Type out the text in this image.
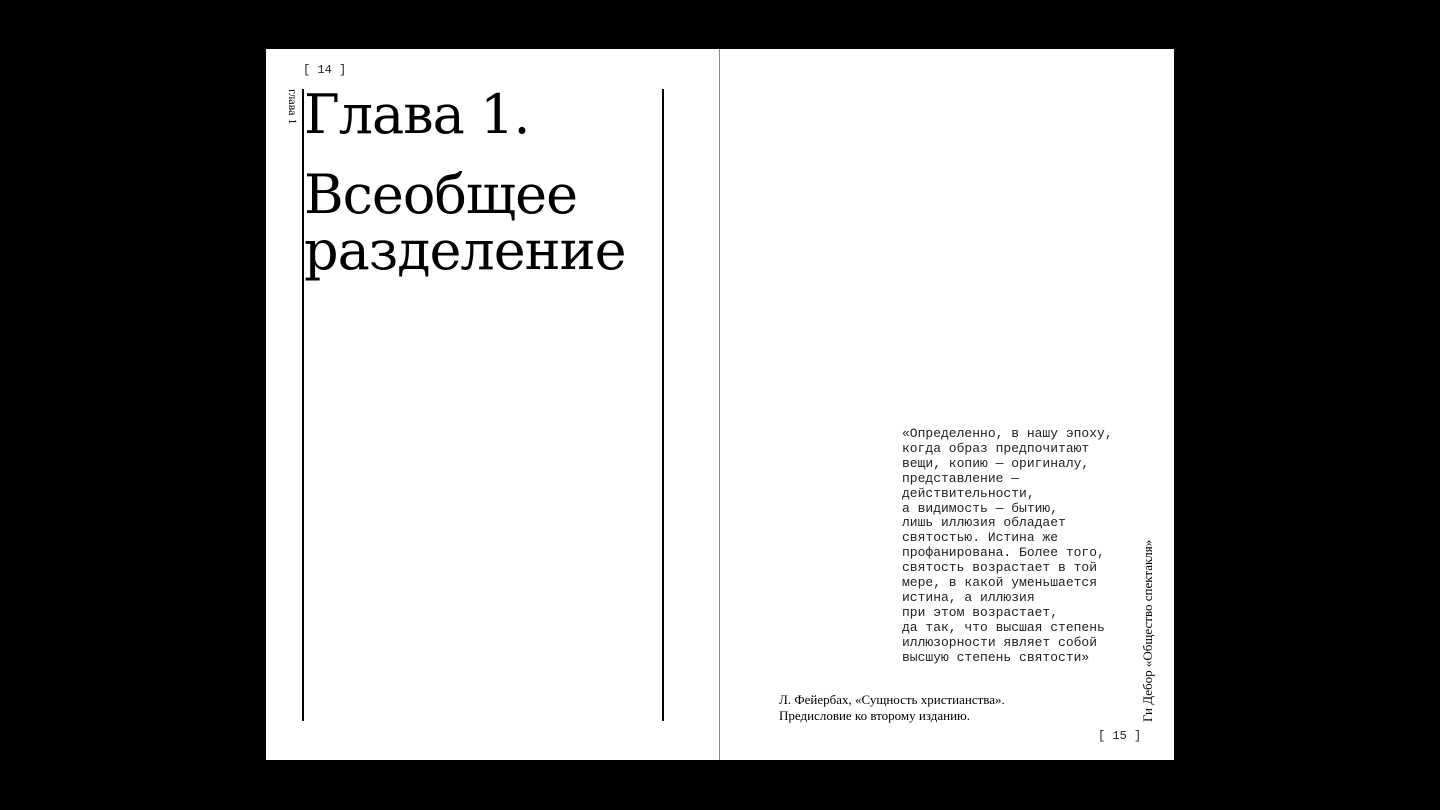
[ 14 ]
глава 1 Глава 1.
Всеобщее
разделение
«Определенно, в нашу эпоху,
когда образ предпочитают
вещи, копию — оригиналу,
представление —
действительности,
а видимость — бытию,
лишь иллюзия обладает
святостью. Истина же
профанирована. Более того,
святость возрастает в той
мере, в какой уменьшается
истина, а иллюзия
при этом возрастает,
да так, что высшая степень
иллюзорности являет собой
высшую степень святости»
Л. Фейербах, «Сущность христианства».
Предисловие ко второму изданию.	Ги Дебор «Общество спектакля»
[ 15 ]
